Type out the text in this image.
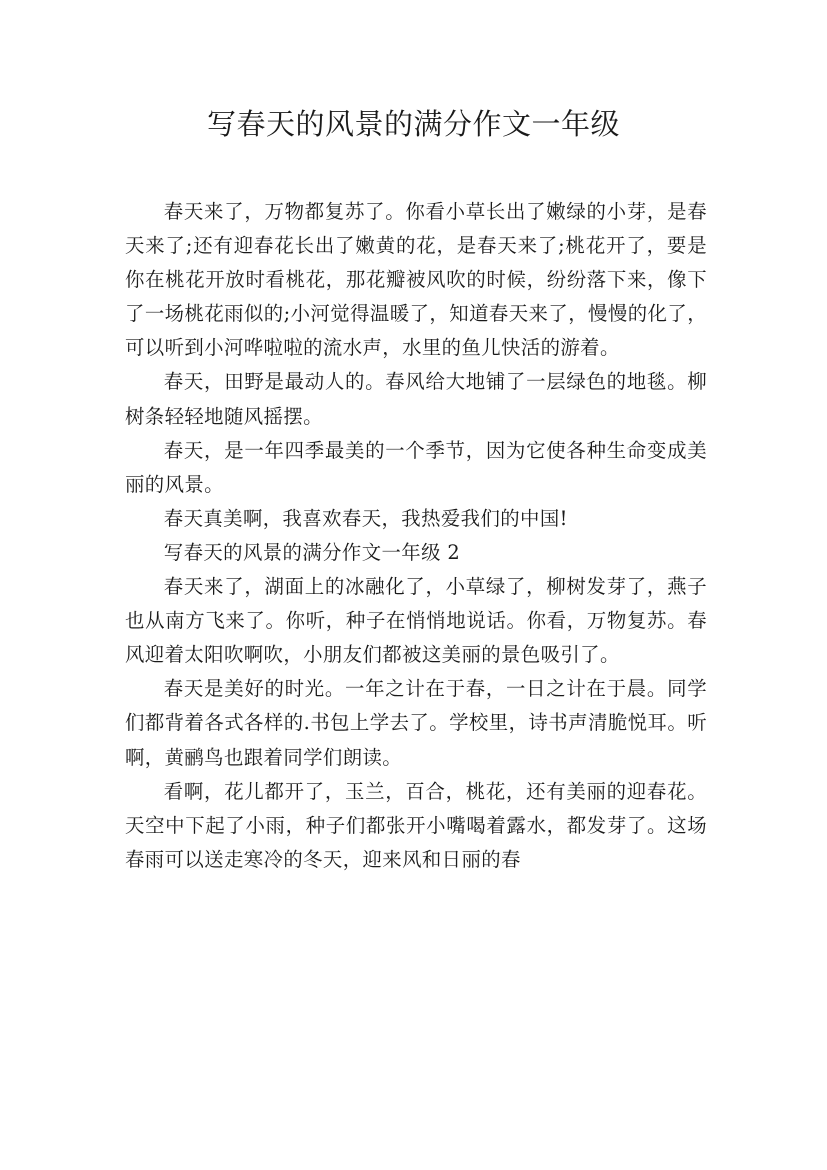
写春天的风景的满分作文一年级

春天来了，万物都复苏了。你看小草长出了嫩绿的小芽，是春天来了;还有迎春花长出了嫩黄的花，是春天来了;桃花开了，要是你在桃花开放时看桃花，那花瓣被风吹的时候，纷纷落下来，像下了一场桃花雨似的;小河觉得温暖了，知道春天来了，慢慢的化了，可以听到小河哗啦啦的流水声，水里的鱼儿快活的游着。

春天，田野是最动人的。春风给大地铺了一层绿色的地毯。柳树条轻轻地随风摇摆。

春天，是一年四季最美的一个季节，因为它使各种生命变成美丽的风景。

春天真美啊，我喜欢春天，我热爱我们的中国!

写春天的风景的满分作文一年级 2

春天来了，湖面上的冰融化了，小草绿了，柳树发芽了，燕子也从南方飞来了。你听，种子在悄悄地说话。你看，万物复苏。春风迎着太阳吹啊吹，小朋友们都被这美丽的景色吸引了。

春天是美好的时光。一年之计在于春，一日之计在于晨。同学们都背着各式各样的.书包上学去了。学校里，诗书声清脆悦耳。听啊，黄鹂鸟也跟着同学们朗读。

看啊，花儿都开了，玉兰，百合，桃花，还有美丽的迎春花。天空中下起了小雨，种子们都张开小嘴喝着露水，都发芽了。这场春雨可以送走寒冷的冬天，迎来风和日丽的春
